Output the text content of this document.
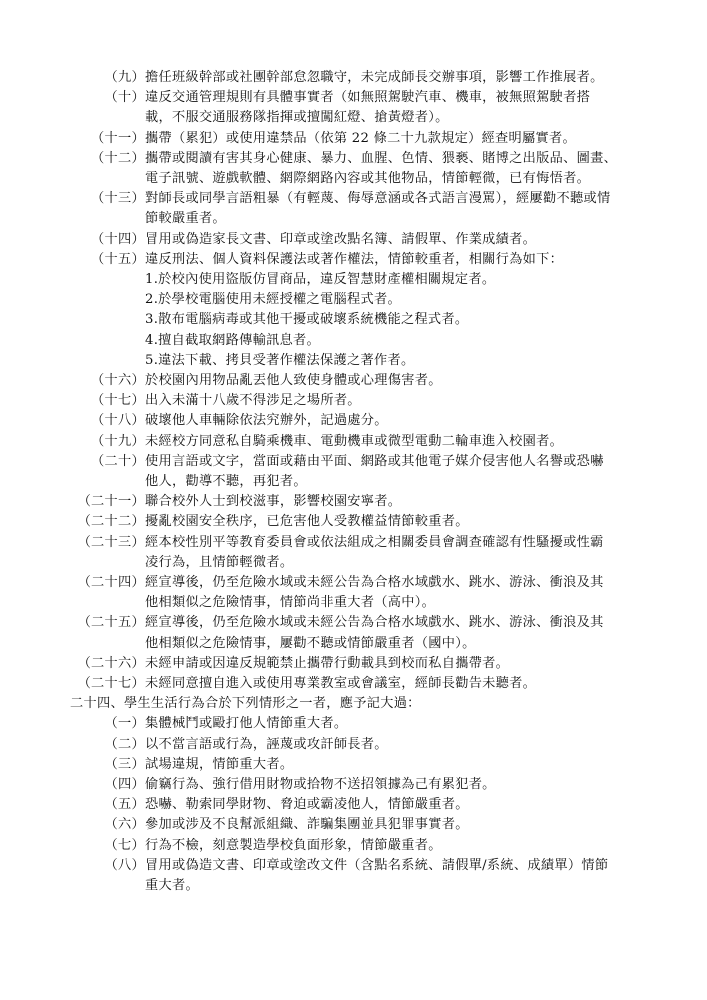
（九） 擔任班級幹部或社團幹部怠忽職守，未完成師長交辦事項，影響工作推展者。
（十） 違反交通管理規則有具體事實者（如無照駕駛汽車、機車，被無照駕駛者搭
載，不服交通服務隊指揮或擅闖紅燈、搶黃燈者）。
（十一） 攜帶（累犯）或使用違禁品（依第 22 條二十九款規定）經查明屬實者。
（十二） 攜帶或閱讀有害其身心健康、暴力、血腥、色情、猥褻、賭博之出版品、圖畫、
電子訊號、遊戲軟體、網際網路內容或其他物品，情節輕微，已有悔悟者。
（十三） 對師長或同學言語粗暴（有輕蔑、侮辱意涵或各式語言漫罵），經屢勸不聽或情
節較嚴重者。
（十四） 冒用或偽造家長文書、印章或塗改點名簿、請假單、作業成績者。
（十五） 違反刑法、個人資料保護法或著作權法，情節較重者，相關行為如下：
1.於校內使用盜版仿冒商品，違反智慧財產權相關規定者。
2.於學校電腦使用未經授權之電腦程式者。
3.散布電腦病毒或其他干擾或破壞系統機能之程式者。
4.擅自截取網路傳輸訊息者。
5.違法下載、拷貝受著作權法保護之著作者。
（十六） 於校園內用物品亂丟他人致使身體或心理傷害者。
（十七） 出入未滿十八歲不得涉足之場所者。
（十八） 破壞他人車輛除依法究辦外，記過處分。
（十九） 未經校方同意私自騎乘機車、電動機車或微型電動二輪車進入校園者。
（二十） 使用言語或文字，當面或藉由平面、網路或其他電子媒介侵害他人名譽或恐嚇
他人，勸導不聽，再犯者。
（二十一） 聯合校外人士到校滋事，影響校園安寧者。
（二十二） 擾亂校園安全秩序，已危害他人受教權益情節較重者。
（二十三） 經本校性別平等教育委員會或依法組成之相關委員會調查確認有性騷擾或性霸
凌行為，且情節輕微者。
（二十四） 經宣導後，仍至危險水域或未經公告為合格水域戲水、跳水、游泳、衝浪及其
他相類似之危險情事，情節尚非重大者（高中）。
（二十五） 經宣導後，仍至危險水域或未經公告為合格水域戲水、跳水、游泳、衝浪及其
他相類似之危險情事，屢勸不聽或情節嚴重者（國中）。
（二十六） 未經申請或因違反規範禁止攜帶行動載具到校而私自攜帶者。
（二十七） 未經同意擅自進入或使用專業教室或會議室，經師長勸告未聽者。
二十四、學生生活行為合於下列情形之一者，應予記大過：
（一） 集體械鬥或毆打他人情節重大者。
（二） 以不當言語或行為，誣蔑或攻訐師長者。
（三） 試場違規，情節重大者。
（四） 偷竊行為、強行借用財物或拾物不送招領據為己有累犯者。
（五） 恐嚇、勒索同學財物、脅迫或霸凌他人，情節嚴重者。
（六） 參加或涉及不良幫派組織、詐騙集團並具犯罪事實者。
（七） 行為不檢，刻意製造學校負面形象，情節嚴重者。
（八） 冒用或偽造文書、印章或塗改文件（含點名系統、請假單/系統、成績單）情節
重大者。
